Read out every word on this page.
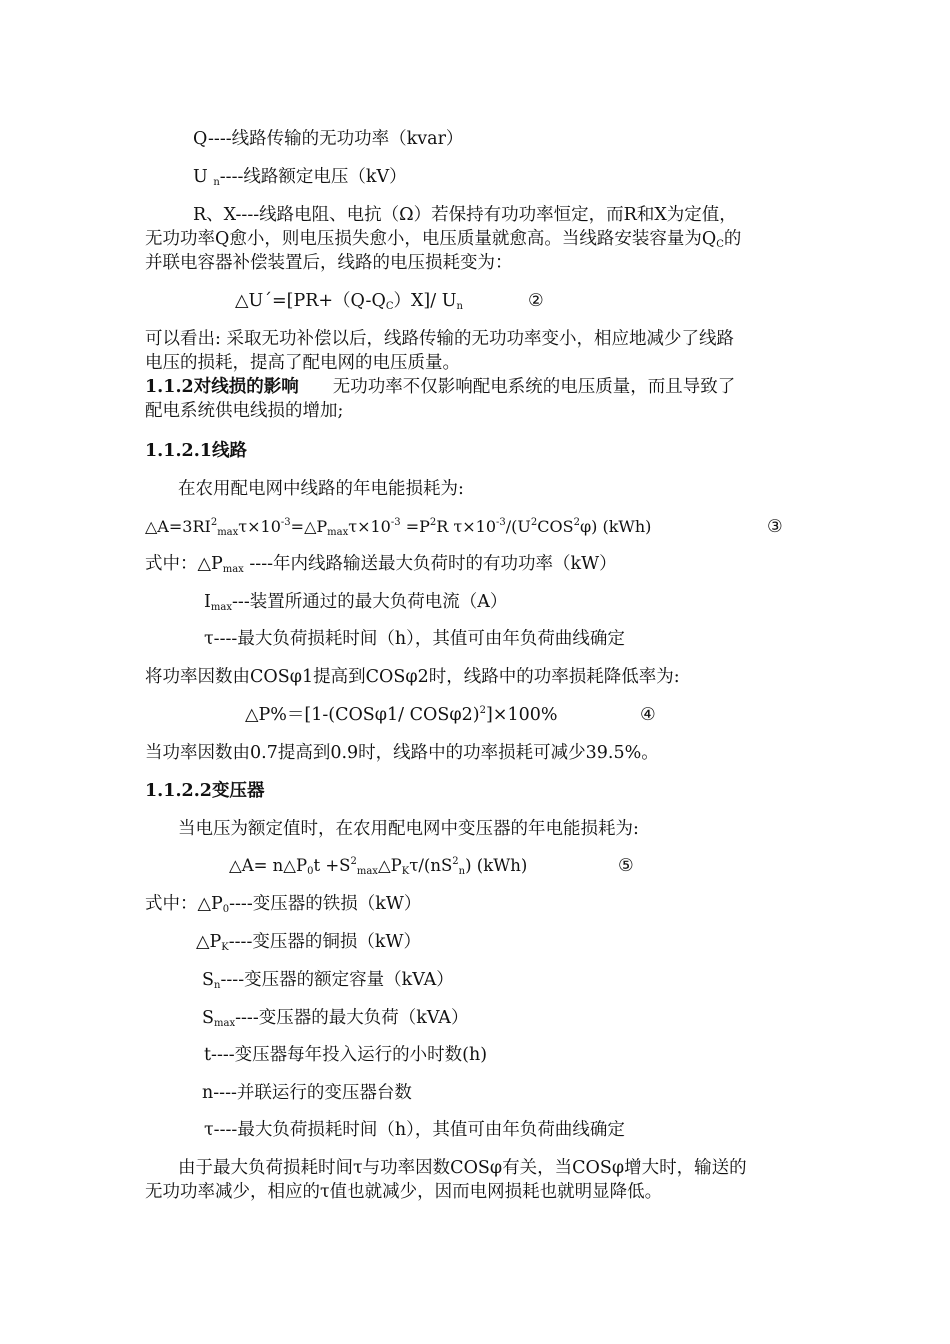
Q----线路传输的无功功率（kvar）
U $_n$----线路额定电压（kV）
R、X----线路电阻、电抗（Ω）若保持有功功率恒定，而R和X为定值，
无功功率Q愈小，则电压损失愈小，电压质量就愈高。当线路安装容量为$Q_C$的
并联电容器补偿装置后，线路的电压损耗变为：
$\triangle U´=[PR+(Q-Q_C)X]/$ $U_n$	②
可以看出: 采取无功补偿以后，线路传输的无功功率变小，相应地减少了线路
电压的损耗，提高了配电网的电压质量。
1.1.2对线损的影响 无功功率不仅影响配电系统的电压质量，而且导致了
配电系统供电线损的增加;
1.1.2.1线路
在农用配电网中线路的年电能损耗为:
$\triangle A=3RI^2_{max}\tau\times 10^{-3}=\triangle P_{max}\tau\times 10^{-3} =P^2R$ $\tau\times 10^{-3}/(U^2COS^2\varphi)$ (kWh)	③
式中：$\triangle P_{max}$ ----年内线路输送最大负荷时的有功功率（kW）
$I_{max}---$装置所通过的最大负荷电流（A）
τ----最大负荷损耗时间（h），其值可由年负荷曲线确定
将功率因数由COSφ1提高到COSφ2时，线路中的功率损耗降低率为:
△P%＝[1-(COSφ1/ COSφ2)$^2$]×100%	④
当功率因数由0.7提高到0.9时，线路中的功率损耗可减少39.5%。
1.1.2.2变压器
当电压为额定值时，在农用配电网中变压器的年电能损耗为:
△A= $n\triangle P_0t$ $+S^2_{max}\triangle P_K\tau/(nS^2_n)$ (kWh)	⑤
式中：$\triangle P_0----$变压器的铁损（kW）
$\triangle P_K----$变压器的铜损（kW）
$S_n----$变压器的额定容量（kVA）
$S_{max}----$变压器的最大负荷（kVA）
t----变压器每年投入运行的小时数(h)
n----并联运行的变压器台数
τ----最大负荷损耗时间（h），其值可由年负荷曲线确定
由于最大负荷损耗时间τ与功率因数COSφ有关，当COSφ增大时，输送的
无功功率减少，相应的τ值也就减少，因而电网损耗也就明显降低。
